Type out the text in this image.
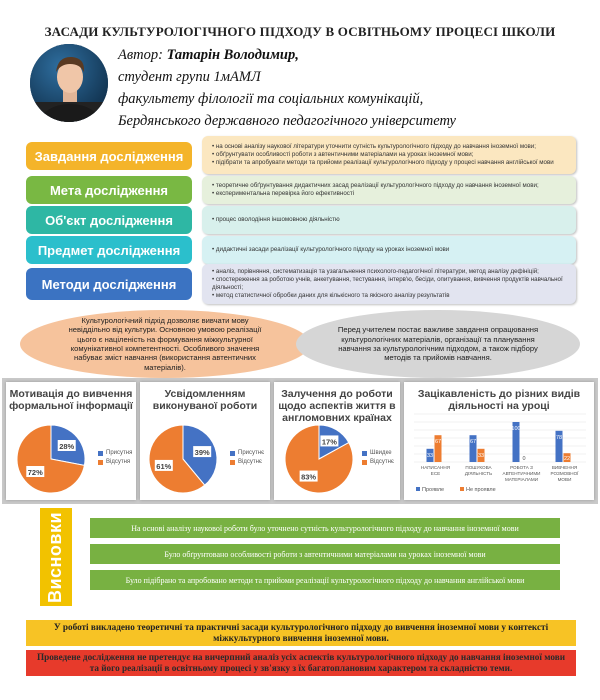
ЗАСАДИ КУЛЬТУРОЛОГІЧНОГО ПІДХОДУ В ОСВІТНЬОМУ ПРОЦЕСІ ШКОЛИ
Автор: Татарін Володимир,
студент групи 1мАМЛ
факультету філології та соціальних комунікацій,
Бердянського державного педагогічного університету
Завдання дослідження
• на основі аналізу наукової літератури уточнити сутність культурологічного підходу до навчання іноземної мови;
• обґрунтувати особливості роботи з автентичними матеріалами на уроках іноземної мови;
• підібрати та апробувати методи та прийоми реалізації культурологічного підходу у процесі навчання англійської мови
Мета дослідження	• теоретичне обґрунтування дидактичних засад реалізації культурологічного підходу до навчання іноземної мови;
• експериментальна перевірка його ефективності
Об'єкт дослідження	• процес оволодіння іншомовною діяльністю
Предмет дослідження	• дидактичні засади реалізації культурологічного підходу на уроках іноземної мови
Методи дослідження
• аналіз, порівняння, систематизація та узагальнення психолого-педагогічної літератури, метод аналізу дефініцій;
• спостереження за роботою учнів, анкетування, тестування, інтерв'ю, бесіди, опитування, вивчення продуктів навчальної діяльності;
• метод статистичної обробки даних для кількісного та якісного аналізу результатів
Культурологічний підхід дозволяє вивчати мову невіддільно від культури. Основною умовою реалізації цього є націленість на формування міжкультурної комунікативної компетентності. Особливого значення набуває зміст навчання (використання автентичних матеріалів).
Перед учителем постає важливе завдання опрацювання культурологічних матеріалів, організації та планування навчання за культурологічним підходом, а також підбору методів та прийомів навчання.
Мотивація до вивчення формальної інформації
28%
72%
Присутня
Відсутня
Усвідомленням виконуваної роботи
39%
61%
Присутнє
Відсутнє
Залучення до роботи щодо аспектів життя в англомовних країнах
17%
83%
Швидке
Відсутнє
Зацікавленість до різних видів діяльності на уроці
33
67
НАПИСАННЯ
ЕСЕ
67
33
ПОШУКОВА
ДІЯЛЬНІСТЬ
100
0
РОБОТА З
АВТЕНТИЧНИМИ
МАТЕРІАЛАМИ
78
22
ВИВЧЕННЯ
РОЗМОВНОЇ
МОВИ
Проявле	Не проявле
Висновки	На основі аналізу наукової роботи було уточнено сутність культурологічного підходу до навчання іноземної мови
Було обґрунтовано особливості роботи з автентичними матеріалами на уроках іноземної мови
Було підібрано та апробовано методи та прийоми реалізації культурологічного підходу до навчання англійської мови
У роботі викладено теоретичні та практичні засади культурологічного підходу до вивчення іноземної мови у контексті міжкультурного вивчення іноземної мови.
Проведене дослідження не претендує на вичерпний аналіз усіх аспектів культурологічного підходу до навчання іноземної мови та його реалізації в освітньому процесі у зв'язку з їх багатоплановим характером та складністю теми.
